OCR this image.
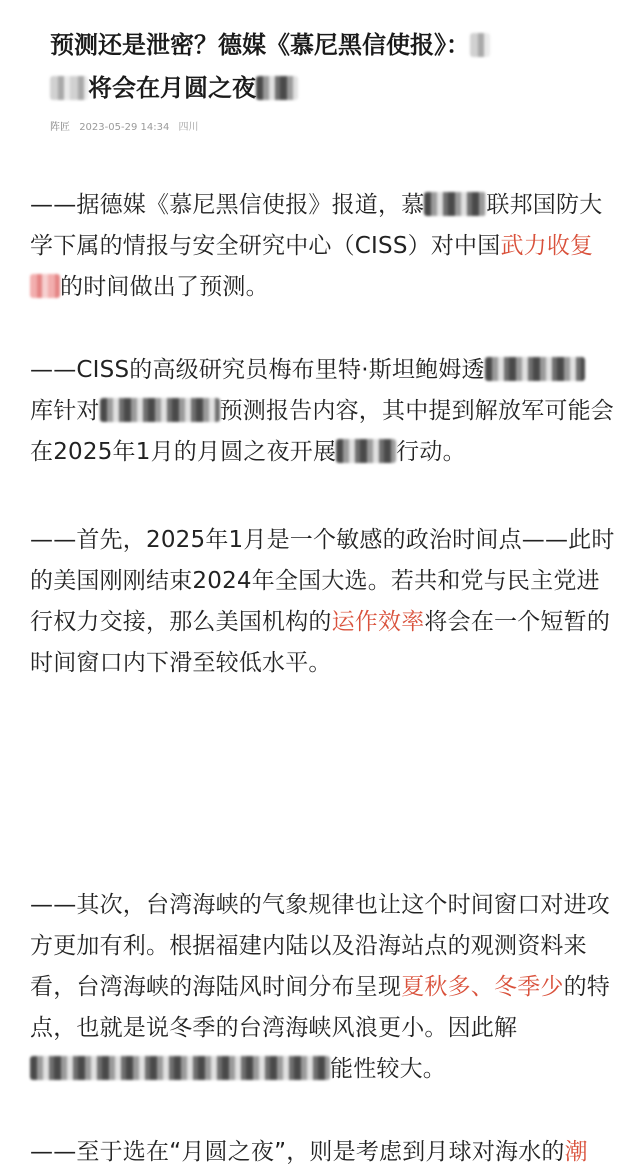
预测还是泄密？德媒《慕尼黑信使报》：
将会在月圆之夜
阵匠 2023-05-29 14:34 四川

——据德媒《慕尼黑信使报》报道，慕	联邦国防大学下属的情报与安全研究中心（CISS）对中国武力收复的时间做出了预测。

——CISS的高级研究员梅布里特·斯坦鲍姆透
库针对	预测报告内容，其中提到解放军可能会在2025年1月的月圆之夜开展	行动。

——首先，2025年1月是一个敏感的政治时间点——此时的美国刚刚结束2024年全国大选。若共和党与民主党进行权力交接，那么美国机构的运作效率将会在一个短暂的时间窗口内下滑至较低水平。

——其次，台湾海峡的气象规律也让这个时间窗口对进攻方更加有利。根据福建内陆以及沿海站点的观测资料来看，台湾海峡的海陆风时间分布呈现夏秋多、冬季少的特点，也就是说冬季的台湾海峡风浪更小。因此解能性较大。

——至于选在“月圆之夜”，则是考虑到月球对海水的潮
